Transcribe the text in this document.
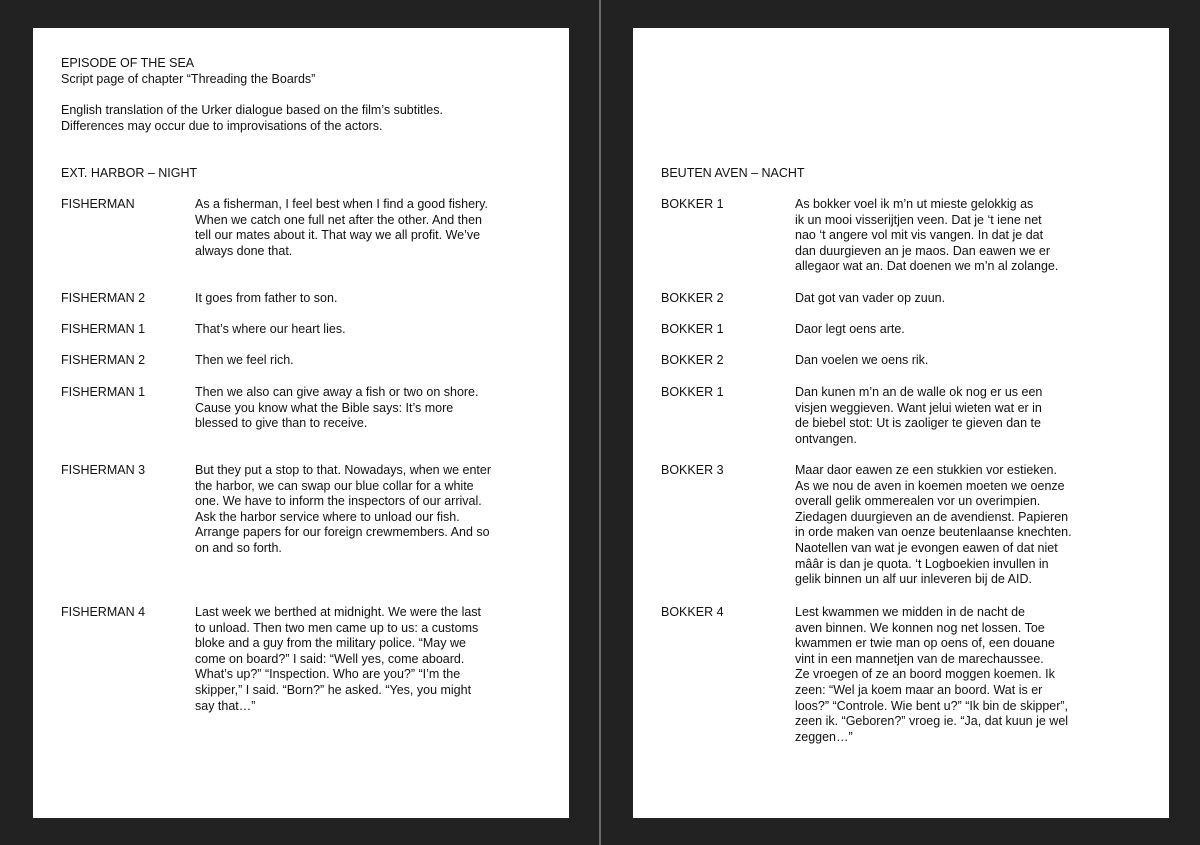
EPISODE OF THE SEA
Script page of chapter “Threading the Boards”
English translation of the Urker dialogue based on the film’s subtitles.
Differences may occur due to improvisations of the actors.
EXT. HARBOR – NIGHT
FISHERMAN	As a fisherman, I feel best when I find a good fishery.
When we catch one full net after the other. And then
tell our mates about it. That way we all profit. We’ve
always done that.
FISHERMAN 2	It goes from father to son.
FISHERMAN 1	That’s where our heart lies.
FISHERMAN 2	Then we feel rich.
FISHERMAN 1	Then we also can give away a fish or two on shore.
Cause you know what the Bible says: It’s more
blessed to give than to receive.
FISHERMAN 3	But they put a stop to that. Nowadays, when we enter
the harbor, we can swap our blue collar for a white
one. We have to inform the inspectors of our arrival.
Ask the harbor service where to unload our fish.
Arrange papers for our foreign crewmembers. And so
on and so forth.
FISHERMAN 4	Last week we berthed at midnight. We were the last
to unload. Then two men came up to us: a customs
bloke and a guy from the military police. “May we
come on board?” I said: “Well yes, come aboard.
What’s up?” “Inspection. Who are you?” “I’m the
skipper,” I said. “Born?” he asked. “Yes, you might
say that…”
BEUTEN AVEN – NACHT
BOKKER 1	As bokker voel ik m’n ut mieste gelokkig as
ik un mooi visserijtjen veen. Dat je ‘t iene net
nao ‘t angere vol mit vis vangen. In dat je dat
dan duurgieven an je maos. Dan eawen we er
allegaor wat an. Dat doenen we m’n al zolange.
BOKKER 2	Dat got van vader op zuun.
BOKKER 1	Daor legt oens arte.
BOKKER 2	Dan voelen we oens rik.
BOKKER 1	Dan kunen m’n an de walle ok nog er us een
visjen weggieven. Want jelui wieten wat er in
de biebel stot: Ut is zaoliger te gieven dan te
ontvangen.
BOKKER 3	Maar daor eawen ze een stukkien vor estieken.
As we nou de aven in koemen moeten we oenze
overall gelik ommerealen vor un overimpien.
Ziedagen duurgieven an de avendienst. Papieren
in orde maken van oenze beutenlaanse knechten.
Naotellen van wat je evongen eawen of dat niet
mââr is dan je quota. ‘t Logboekien invullen in
gelik binnen un alf uur inleveren bij de AID.
BOKKER 4	Lest kwammen we midden in de nacht de
aven binnen. We konnen nog net lossen. Toe
kwammen er twie man op oens of, een douane
vint in een mannetjen van de marechaussee.
Ze vroegen of ze an boord moggen koemen. Ik
zeen: “Wel ja koem maar an boord. Wat is er
loos?” “Controle. Wie bent u?” “Ik bin de skipper”,
zeen ik. “Geboren?” vroeg ie. “Ja, dat kuun je wel
zeggen…”
